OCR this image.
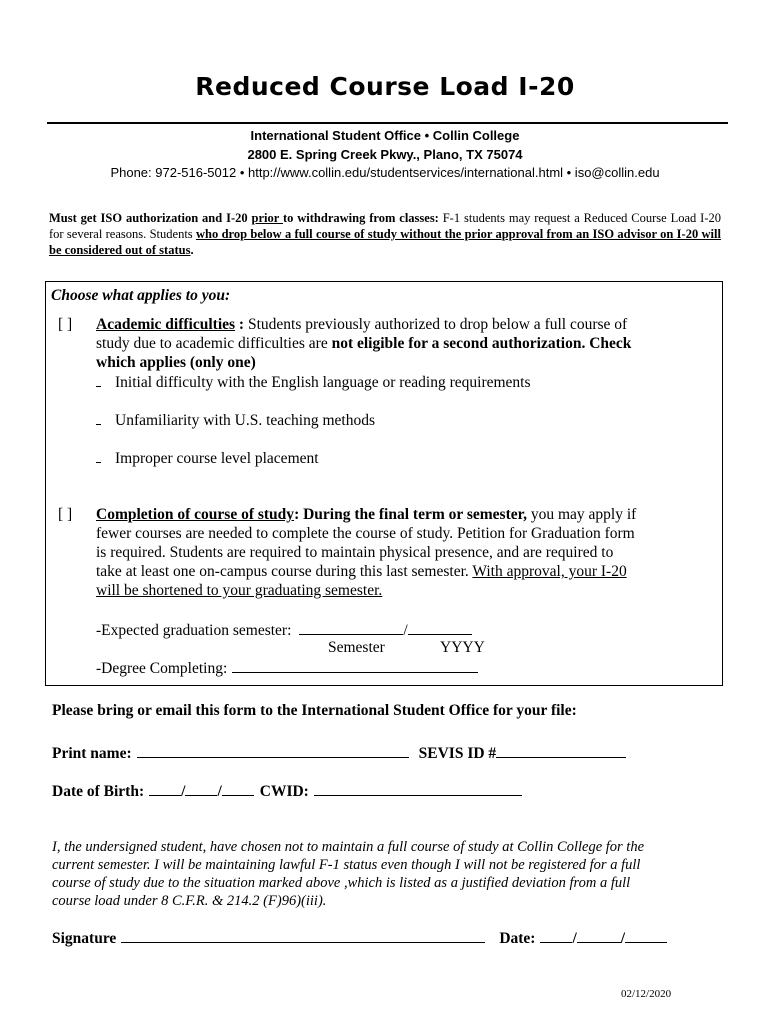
Reduced Course Load I-20
International Student Office • Collin College
2800 E. Spring Creek Pkwy., Plano, TX 75074
Phone: 972-516-5012 • http://www.collin.edu/studentservices/international.html • iso@collin.edu
Must get ISO authorization and I-20 prior to withdrawing from classes: F-1 students may request a Reduced Course Load I-20 for several reasons. Students who drop below a full course of study without the prior approval from an ISO advisor on I-20 will be considered out of status.
Choose what applies to you:
[ ] Academic difficulties : Students previously authorized to drop below a full course of
study due to academic difficulties are not eligible for a second authorization. Check
which applies (only one)
Initial difficulty with the English language or reading requirements
Unfamiliarity with U.S. teaching methods
Improper course level placement
[ ] Completion of course of study: During the final term or semester, you may apply if
fewer courses are needed to complete the course of study. Petition for Graduation form
is required. Students are required to maintain physical presence, and are required to
take at least one on-campus course during this last semester. With approval, your I-20
will be shortened to your graduating semester.
-Expected graduation semester:	/
Semester	YYYY
-Degree Completing:
Please bring or email this form to the International Student Office for your file:
Print name:	SEVIS ID #
Date of Birth: / / CWID:
I, the undersigned student, have chosen not to maintain a full course of study at Collin College for the
current semester. I will be maintaining lawful F-1 status even though I will not be registered for a full
course of study due to the situation marked above ,which is listed as a justified deviation from a full
course load under 8 C.F.R. & 214.2 (F)96)(iii).
Signature	Date: /	/
02/12/2020
